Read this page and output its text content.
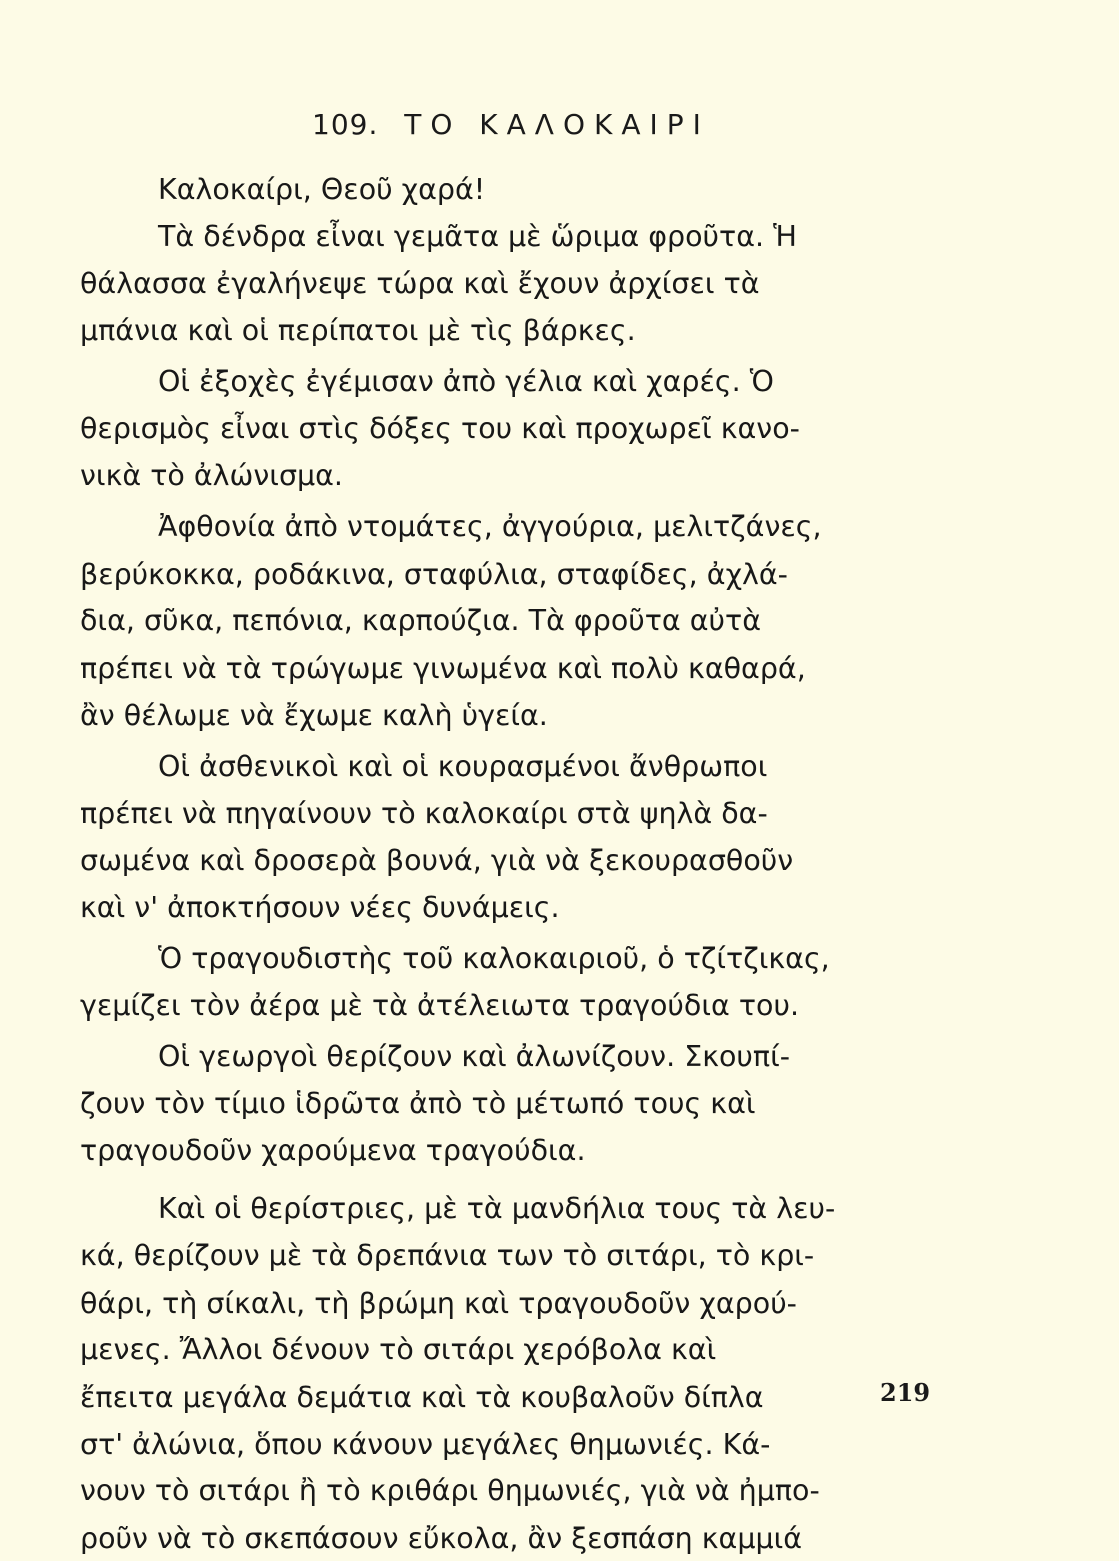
109. ΤΟ ΚΑΛΟΚΑΙΡΙ
Καλοκαίρι, Θεοῦ χαρά!
Τὰ δένδρα εἶναι γεμᾶτα μὲ ὥριμα φροῦτα. Ἡ
θάλασσα ἐγαλήνεψε τώρα καὶ ἔχουν ἀρχίσει τὰ
μπάνια καὶ οἱ περίπατοι μὲ τὶς βάρκες.
Οἱ ἐξοχὲς ἐγέμισαν ἀπὸ γέλια καὶ χαρές. Ὁ
θερισμὸς εἶναι στὶς δόξες του καὶ προχωρεῖ κανο-
νικὰ τὸ ἀλώνισμα.
Ἀφθονία ἀπὸ ντομάτες, ἀγγούρια, μελιτζάνες,
βερύκοκκα, ροδάκινα, σταφύλια, σταφίδες, ἀχλά-
δια, σῦκα, πεπόνια, καρπούζια. Τὰ φροῦτα αὐτὰ
πρέπει νὰ τὰ τρώγωμε γινωμένα καὶ πολὺ καθαρά,
ἂν θέλωμε νὰ ἔχωμε καλὴ ὑγεία.
Οἱ ἀσθενικοὶ καὶ οἱ κουρασμένοι ἄνθρωποι
πρέπει νὰ πηγαίνουν τὸ καλοκαίρι στὰ ψηλὰ δα-
σωμένα καὶ δροσερὰ βουνά, γιὰ νὰ ξεκουρασθοῦν
καὶ ν' ἀποκτήσουν νέες δυνάμεις.
Ὁ τραγουδιστὴς τοῦ καλοκαιριοῦ, ὁ τζίτζικας,
γεμίζει τὸν ἀέρα μὲ τὰ ἀτέλειωτα τραγούδια του.
Οἱ γεωργοὶ θερίζουν καὶ ἀλωνίζουν. Σκουπί-
ζουν τὸν τίμιο ἱδρῶτα ἀπὸ τὸ μέτωπό τους καὶ
τραγουδοῦν χαρούμενα τραγούδια.
Καὶ οἱ θερίστριες, μὲ τὰ μανδήλια τους τὰ λευ-
κά, θερίζουν μὲ τὰ δρεπάνια των τὸ σιτάρι, τὸ κρι-
θάρι, τὴ σίκαλι, τὴ βρώμη καὶ τραγουδοῦν χαρού-
μενες. Ἄλλοι δένουν τὸ σιτάρι χερόβολα καὶ
ἔπειτα μεγάλα δεμάτια καὶ τὰ κουβαλοῦν δίπλα
στ' ἀλώνια, ὅπου κάνουν μεγάλες θημωνιές. Κά-
νουν τὸ σιτάρι ἢ τὸ κριθάρι θημωνιές, γιὰ νὰ ἠμπο-
ροῦν νὰ τὸ σκεπάσουν εὔκολα, ἂν ξεσπάση καμμιά
219
